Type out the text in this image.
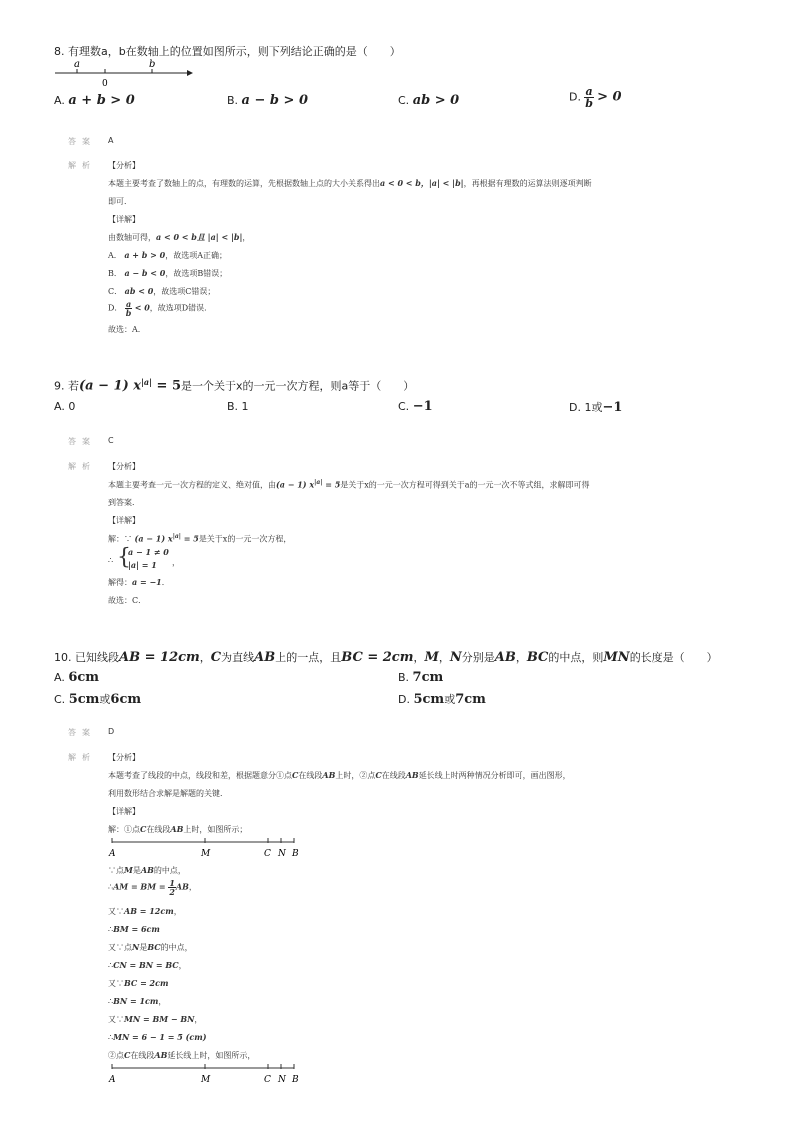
8. 有理数a，b在数轴上的位置如图所示，则下列结论正确的是（　　）
a	b
0
A. a + b > 0	B. a − b > 0	C. ab > 0	D. $\frac{a}{b} > 0$
答案 A
解析 【分析】
本题主要考查了数轴上的点，有理数的运算，先根据数轴上点的大小关系得出a < 0 < b，|a| < |b|，再根据有理数的运算法则逐项判断
即可．
【详解】
由数轴可得，a < 0 < b且 |a| < |b|，
A． a + b > 0，故选项A正确；
B． a − b < 0，故选项B错误；
C． ab < 0，故选项C错误；
D． $\frac{a}{b} < 0$，故选项D错误．
故选：A．
9. 若(a − 1) $x^{|a|} = 5$是一个关于x的一元一次方程，则a等于（　　）
A. 0	B. 1	C. −1	D. 1或−1
答案 C
解析 【分析】
本题主要考查一元一次方程的定义、绝对值，由(a − 1) $x^{|a|} = 5$是关于x的一元一次方程可得到关于a的一元一次不等式组，求解即可得
到答案．
【详解】
解：∵ (a − 1) $x^{|a|} = 5$是关于x的一元一次方程，
∴ {
a − 1 ≠ 0
|a| = 1 ，
解得：a = −1．
故选：C．
10. 已知线段AB = 12cm，C为直线AB上的一点，且BC = 2cm，M，N分别是AB，BC的中点，则MN的长度是（　　）
A. 6cm	B. 7cm
C. 5cm或6cm	D. 5cm或7cm
答案 D
解析 【分析】
本题考查了线段的中点，线段和差，根据题意分①点C在线段AB上时，②点C在线段AB延长线上时两种情况分析即可，画出图形，
利用数形结合求解是解题的关键．
【详解】
解：①点C在线段AB上时，如图所示；
A	M	C N B
∵点M是AB的中点，
∴AM = BM = $\frac{1}{2}$ AB，
又∵AB = 12cm，
∴BM = 6cm
又∵点N是BC的中点，
∴CN = BN = BC，
又∵BC = 2cm
∴BN = 1cm，
又∵MN = BM − BN，
∴MN = 6 − 1 = 5 (cm)
②点C在线段AB延长线上时，如图所示，
A	M	C N B
